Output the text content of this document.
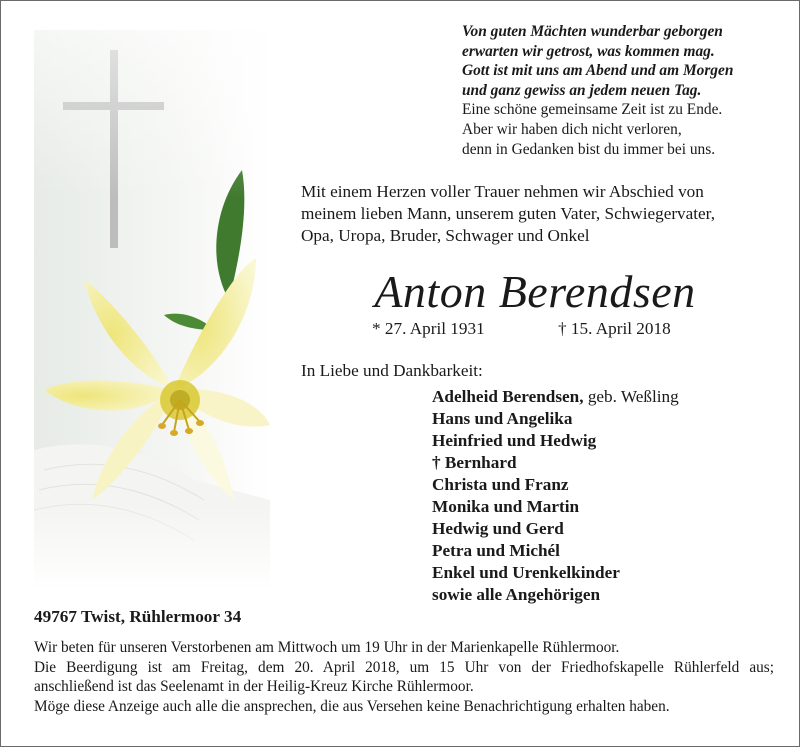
Von guten Mächten wunderbar geborgen
erwarten wir getrost, was kommen mag.
Gott ist mit uns am Abend und am Morgen
und ganz gewiss an jedem neuen Tag.
Eine schöne gemeinsame Zeit ist zu Ende.
Aber wir haben dich nicht verloren,
denn in Gedanken bist du immer bei uns.
Mit einem Herzen voller Trauer nehmen wir Abschied von
meinem lieben Mann, unserem guten Vater, Schwiegervater,
Opa, Uropa, Bruder, Schwager und Onkel
Anton Berendsen
* 27. April 1931	† 15. April 2018
In Liebe und Dankbarkeit:
Adelheid Berendsen, geb. Weßling
Hans und Angelika
Heinfried und Hedwig
† Bernhard
Christa und Franz
Monika und Martin
Hedwig und Gerd
Petra und Michél
Enkel und Urenkelkinder
sowie alle Angehörigen
49767 Twist, Rühlermoor 34
Wir beten für unseren Verstorbenen am Mittwoch um 19 Uhr in der Marienkapelle Rühlermoor.
Die Beerdigung ist am Freitag, dem 20. April 2018, um 15 Uhr von der Friedhofskapelle Rühlerfeld aus;
anschließend ist das Seelenamt in der Heilig-Kreuz Kirche Rühlermoor.
Möge diese Anzeige auch alle die ansprechen, die aus Versehen keine Benachrichtigung erhalten haben.
